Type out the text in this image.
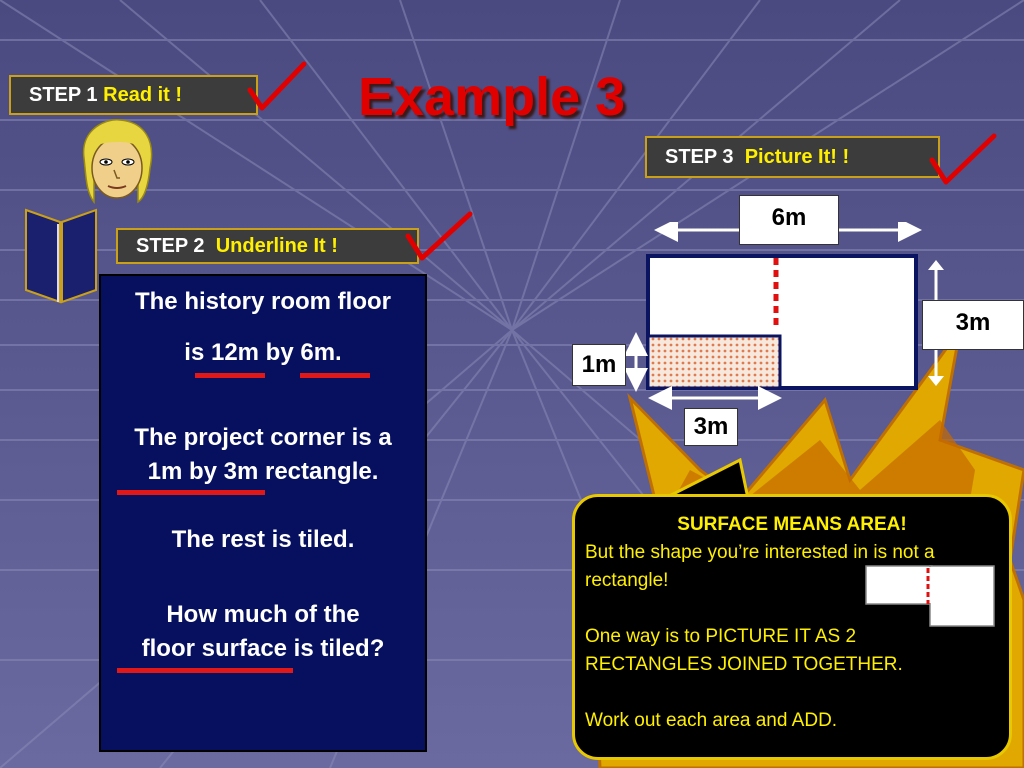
STEP 1 Read it !	Example 3
STEP 2 Underline It !

The history room floor

is 12m by 6m.

The project corner is a

1m by 3m rectangle.

The rest is tiled.

How much of the

floor surface is tiled?

STEP 3 Picture It! !
6m
3m
1m
3m
SURFACE MEANS AREA!

But the shape you’re interested in is not a rectangle!

One way is to PICTURE IT AS 2 RECTANGLES JOINED TOGETHER.

Work out each area and ADD.
